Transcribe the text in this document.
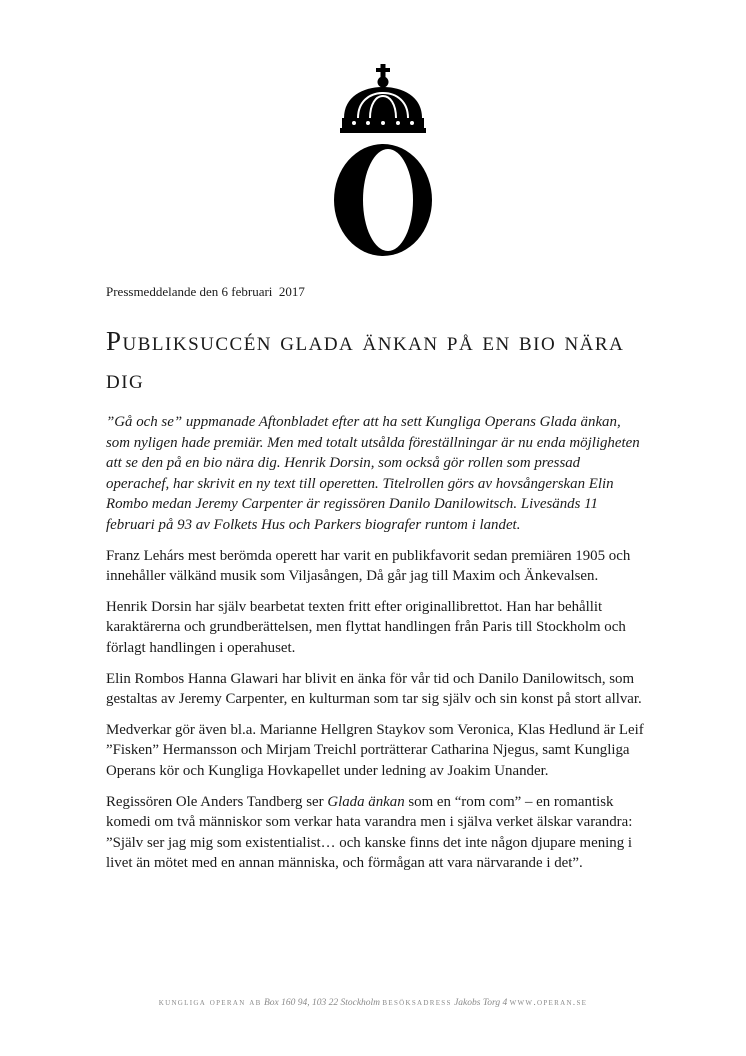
Pressmeddelande den 6 februari  2017
Publiksuccén glada änkan på en bio nära dig

”Gå och se” uppmanade Aftonbladet efter att ha sett Kungliga Operans Glada änkan, som nyligen hade premiär. Men med totalt utsålda föreställningar är nu enda möjligheten att se den på en bio nära dig. Henrik Dorsin, som också gör rollen som pressad operachef, har skrivit en ny text till operetten. Titelrollen görs av hovsångerskan Elin Rombo medan Jeremy Carpenter är regissören Danilo Danilowitsch. Livesänds 11 februari på 93 av Folkets Hus och Parkers biografer runtom i landet.

Franz Lehárs mest berömda operett har varit en publikfavorit sedan premiären 1905 och innehåller välkänd musik som Viljasången, Då går jag till Maxim och Änkevalsen.

Henrik Dorsin har själv bearbetat texten fritt efter originallibrettot. Han har behållit karaktärerna och grundberättelsen, men flyttat handlingen från Paris till Stockholm och förlagt handlingen i operahuset.

Elin Rombos Hanna Glawari har blivit en änka för vår tid och Danilo Danilowitsch, som gestaltas av Jeremy Carpenter, en kulturman som tar sig själv och sin konst på stort allvar.

Medverkar gör även bl.a. Marianne Hellgren Staykov som Veronica, Klas Hedlund är Leif ”Fisken” Hermansson och Mirjam Treichl porträtterar Catharina Njegus, samt Kungliga Operans kör och Kungliga Hovkapellet under ledning av Joakim Unander.

Regissören Ole Anders Tandberg ser Glada änkan som en “rom com” – en romantisk komedi om två människor som verkar hata varandra men i själva verket älskar varandra: ”Själv ser jag mig som existentialist… och kanske finns det inte någon djupare mening i livet än mötet med en annan människa, och förmågan att vara närvarande i det”.

kungliga operan ab Box 160 94, 103 22 Stockholm besöksadress Jakobs Torg 4 www.operan.se
